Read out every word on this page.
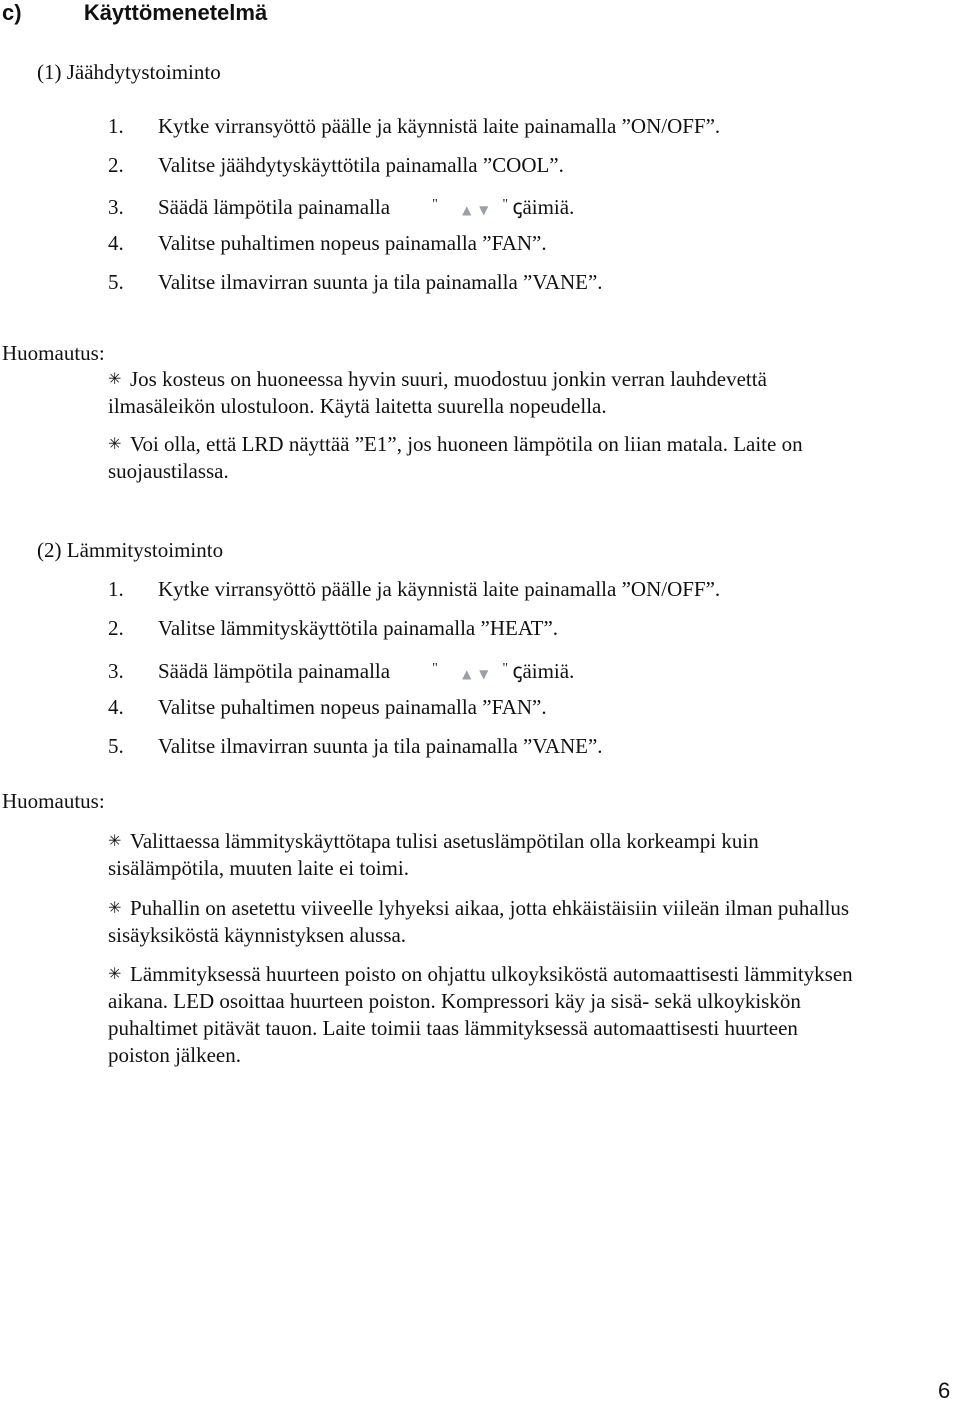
c)	Käyttömenetelmä
(1) Jäähdytystoiminto
1. Kytke virransyöttö päälle ja käynnistä laite painamalla ”ON/OFF”.
2. Valitse jäähdytyskäyttötila painamalla ”COOL”.
3. Säädä lämpötila painamalla	" ▲ ▼ " ꞔäimiä.
4. Valitse puhaltimen nopeus painamalla ”FAN”.
5. Valitse ilmavirran suunta ja tila painamalla ”VANE”.
Huomautus:
✳ Jos kosteus on huoneessa hyvin suuri, muodostuu jonkin verran lauhdevettä
ilmasäleikön ulostuloon. Käytä laitetta suurella nopeudella.
✳ Voi olla, että LRD näyttää ”E1”, jos huoneen lämpötila on liian matala. Laite on
suojaustilassa.
(2) Lämmitystoiminto
1. Kytke virransyöttö päälle ja käynnistä laite painamalla ”ON/OFF”.
2. Valitse lämmityskäyttötila painamalla ”HEAT”.
3. Säädä lämpötila painamalla	" ▲ ▼ " ꞔäimiä.
4. Valitse puhaltimen nopeus painamalla ”FAN”.
5. Valitse ilmavirran suunta ja tila painamalla ”VANE”.
Huomautus:
✳ Valittaessa lämmityskäyttötapa tulisi asetuslämpötilan olla korkeampi kuin
sisälämpötila, muuten laite ei toimi.
✳ Puhallin on asetettu viiveelle lyhyeksi aikaa, jotta ehkäistäisiin viileän ilman puhallus
sisäyksiköstä käynnistyksen alussa.
✳ Lämmityksessä huurteen poisto on ohjattu ulkoyksiköstä automaattisesti lämmityksen
aikana. LED osoittaa huurteen poiston. Kompressori käy ja sisä- sekä ulkoykiskön
puhaltimet pitävät tauon. Laite toimii taas lämmityksessä automaattisesti huurteen
poiston jälkeen.
6
